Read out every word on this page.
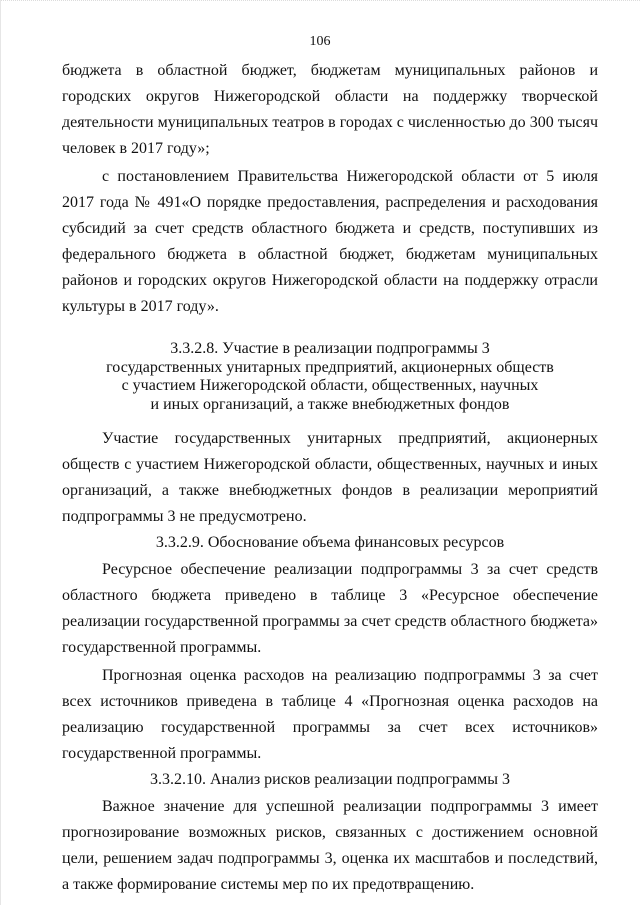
106

бюджета в областной бюджет, бюджетам муниципальных районов и городских округов Нижегородской области на поддержку творческой деятельности муниципальных театров в городах с численностью до 300 тысяч человек в 2017 году»;

с постановлением Правительства Нижегородской области от 5 июля 2017 года № 491«О порядке предоставления, распределения и расходования субсидий за счет средств областного бюджета и средств, поступивших из федерального бюджета в областной бюджет, бюджетам муниципальных районов и городских округов Нижегородской области на поддержку отрасли культуры в 2017 году».

3.3.2.8. Участие в реализации подпрограммы 3

государственных унитарных предприятий, акционерных обществ

с участием Нижегородской области, общественных, научных

и иных организаций, а также внебюджетных фондов

Участие государственных унитарных предприятий, акционерных обществ с участием Нижегородской области, общественных, научных и иных организаций, а также внебюджетных фондов в реализации мероприятий подпрограммы 3 не предусмотрено.

3.3.2.9. Обоснование объема финансовых ресурсов

Ресурсное обеспечение реализации подпрограммы 3 за счет средств областного бюджета приведено в таблице 3 «Ресурсное обеспечение реализации государственной программы за счет средств областного бюджета» государственной программы.

Прогнозная оценка расходов на реализацию подпрограммы 3 за счет всех источников приведена в таблице 4 «Прогнозная оценка расходов на реализацию государственной программы за счет всех источников» государственной программы.

3.3.2.10. Анализ рисков реализации подпрограммы 3

Важное значение для успешной реализации подпрограммы 3 имеет прогнозирование возможных рисков, связанных с достижением основной цели, решением задач подпрограммы 3, оценка их масштабов и последствий, а также формирование системы мер по их предотвращению.
